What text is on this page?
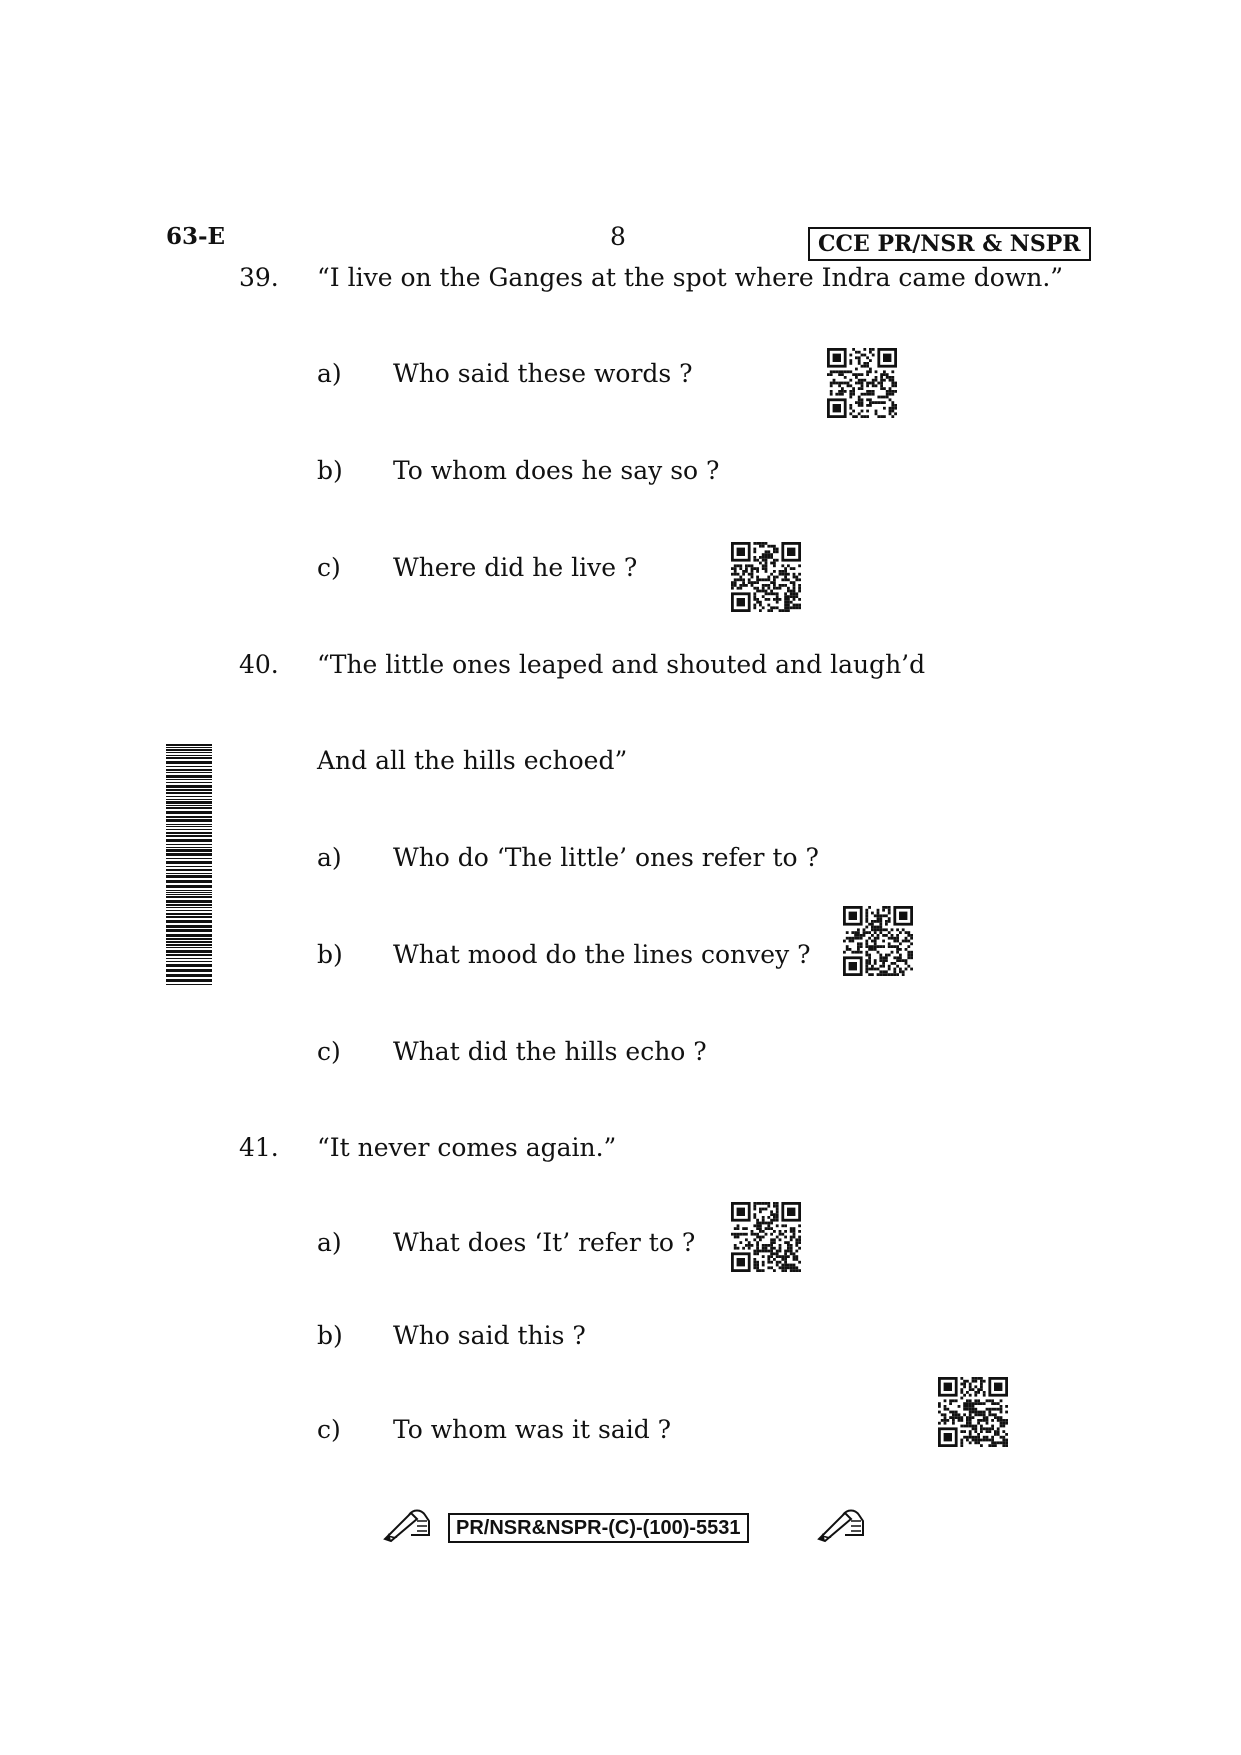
63-E	8	CCE PR/NSR & NSPR
39. “I live on the Ganges at the spot where Indra came down.”
a) Who said these words ?
b) To whom does he say so ?
c) Where did he live ?
40. “The little ones leaped and shouted and laugh’d
And all the hills echoed”
a) Who do ‘The little’ ones refer to ?
b) What mood do the lines convey ?
c) What did the hills echo ?
41. “It never comes again.”
a) What does ‘It’ refer to ?
b) Who said this ?
c) To whom was it said ?
PR/NSR&NSPR-(C)-(100)-5531
